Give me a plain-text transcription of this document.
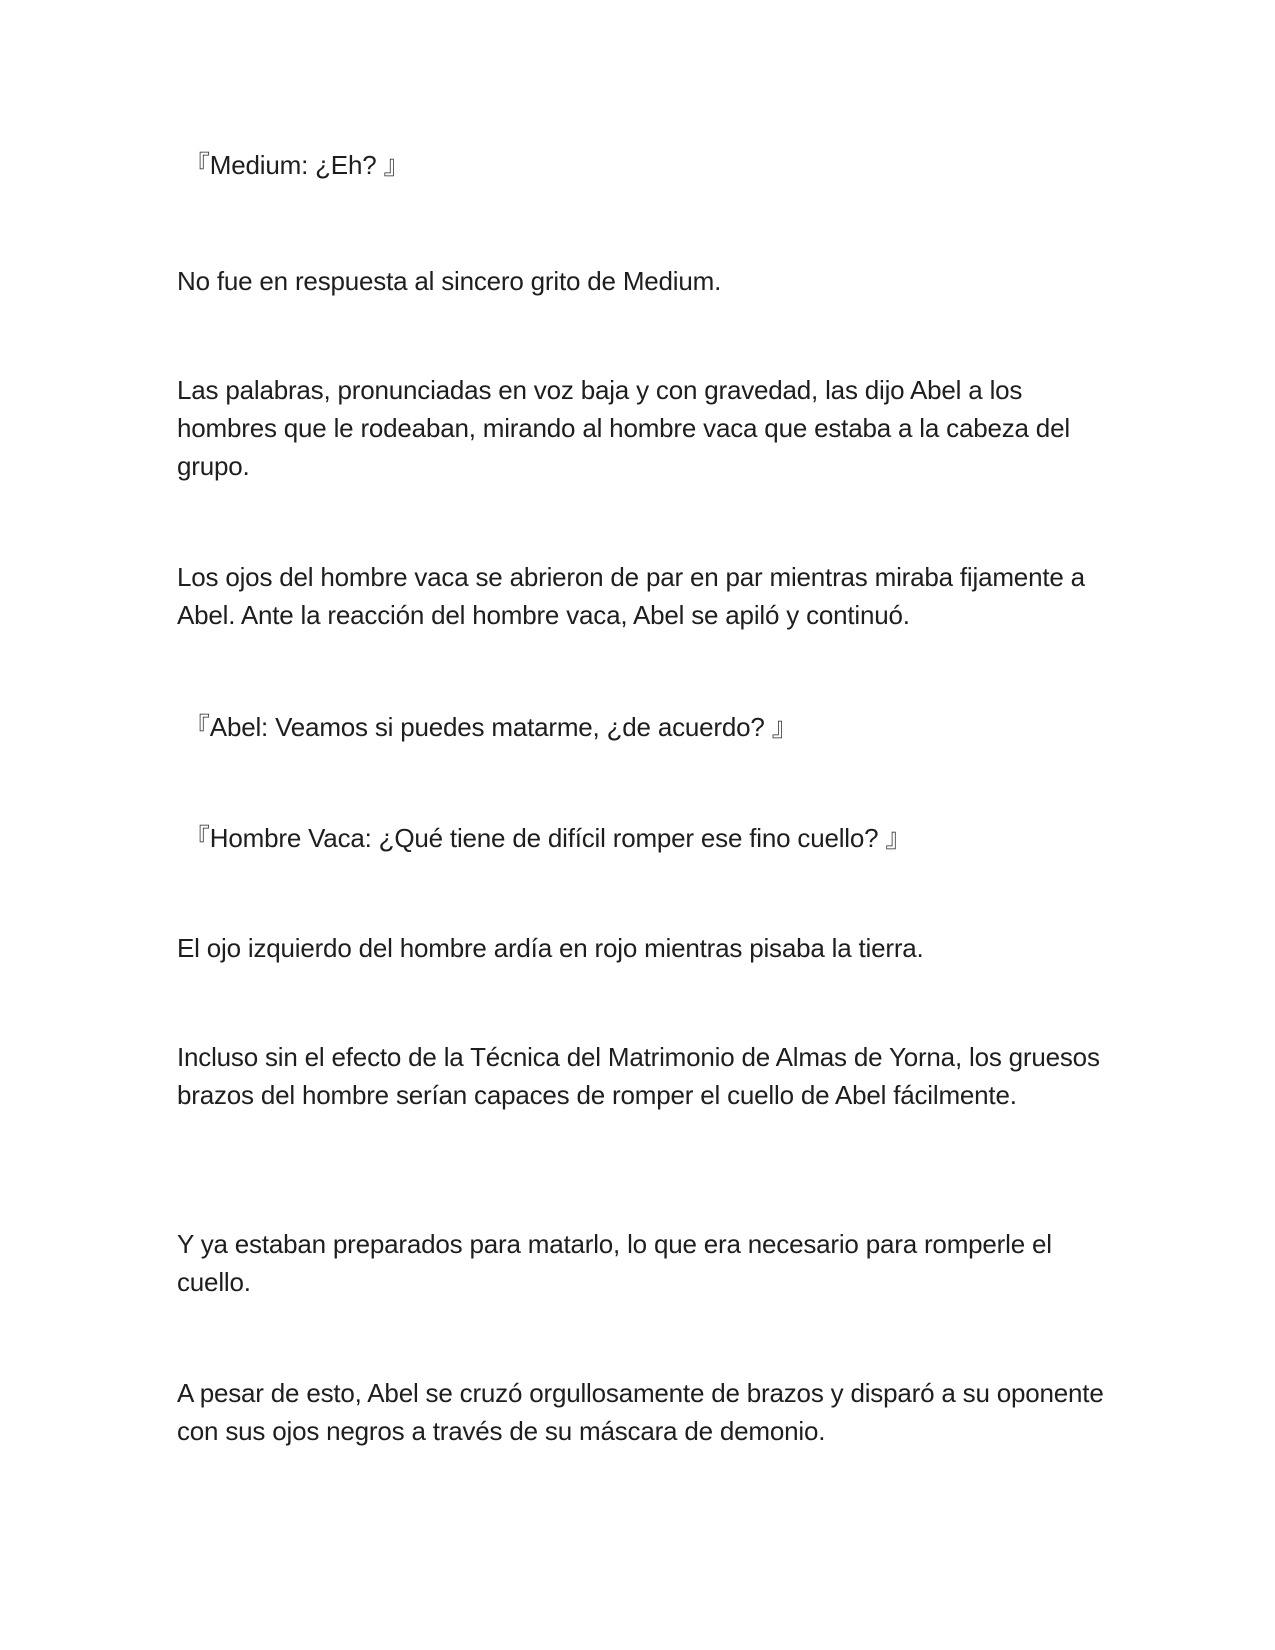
『Medium: ¿Eh? 』

No fue en respuesta al sincero grito de Medium.

Las palabras, pronunciadas en voz baja y con gravedad, las dijo Abel a los hombres que le rodeaban, mirando al hombre vaca que estaba a la cabeza del grupo.

Los ojos del hombre vaca se abrieron de par en par mientras miraba fijamente a Abel. Ante la reacción del hombre vaca, Abel se apiló y continuó.

『Abel: Veamos si puedes matarme, ¿de acuerdo? 』

『Hombre Vaca: ¿Qué tiene de difícil romper ese fino cuello? 』

El ojo izquierdo del hombre ardía en rojo mientras pisaba la tierra.

Incluso sin el efecto de la Técnica del Matrimonio de Almas de Yorna, los gruesos brazos del hombre serían capaces de romper el cuello de Abel fácilmente.

Y ya estaban preparados para matarlo, lo que era necesario para romperle el cuello.

A pesar de esto, Abel se cruzó orgullosamente de brazos y disparó a su oponente con sus ojos negros a través de su máscara de demonio.
